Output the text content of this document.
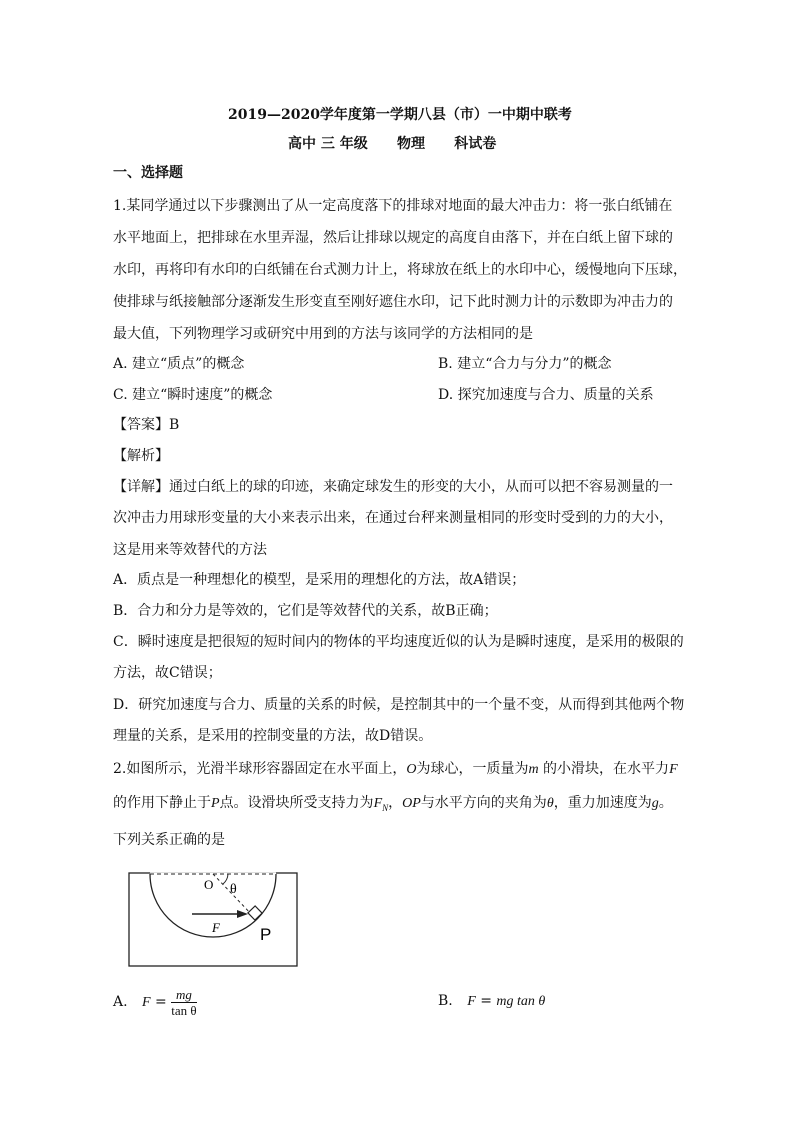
2019—2020学年度第一学期八县（市）一中期中联考
高中 三 年级      物理      科试卷
一、选择题
1.某同学通过以下步骤测出了从一定高度落下的排球对地面的最大冲击力：将一张白纸铺在
水平地面上，把排球在水里弄湿，然后让排球以规定的高度自由落下，并在白纸上留下球的
水印，再将印有水印的白纸铺在台式测力计上，将球放在纸上的水印中心，缓慢地向下压球，
使排球与纸接触部分逐渐发生形变直至刚好遮住水印，记下此时测力计的示数即为冲击力的
最大值，下列物理学习或研究中用到的方法与该同学的方法相同的是
A. 建立“质点”的概念	B. 建立“合力与分力”的概念
C. 建立“瞬时速度”的概念	D. 探究加速度与合力、质量的关系
【答案】B
【解析】
【详解】通过白纸上的球的印迹，来确定球发生的形变的大小，从而可以把不容易测量的一
次冲击力用球形变量的大小来表示出来，在通过台秤来测量相同的形变时受到的力的大小，
这是用来等效替代的方法
A．质点是一种理想化的模型，是采用的理想化的方法，故A错误；
B．合力和分力是等效的，它们是等效替代的关系，故B正确；
C．瞬时速度是把很短的短时间内的物体的平均速度近似的认为是瞬时速度，是采用的极限的
方法，故C错误；
D．研究加速度与合力、质量的关系的时候，是控制其中的一个量不变，从而得到其他两个物
理量的关系，是采用的控制变量的方法，故D错误。
2.如图所示，光滑半球形容器固定在水平面上，O为球心，一质量为m 的小滑块，在水平力F
的作用下静止于P点。设滑块所受支持力为$F_N$，OP与水平方向的夹角为θ，重力加速度为g。
下列关系正确的是
O θ
F P
A. $F = \frac{mg}{\text{tan θ}}$	B. F = mg tan θ
